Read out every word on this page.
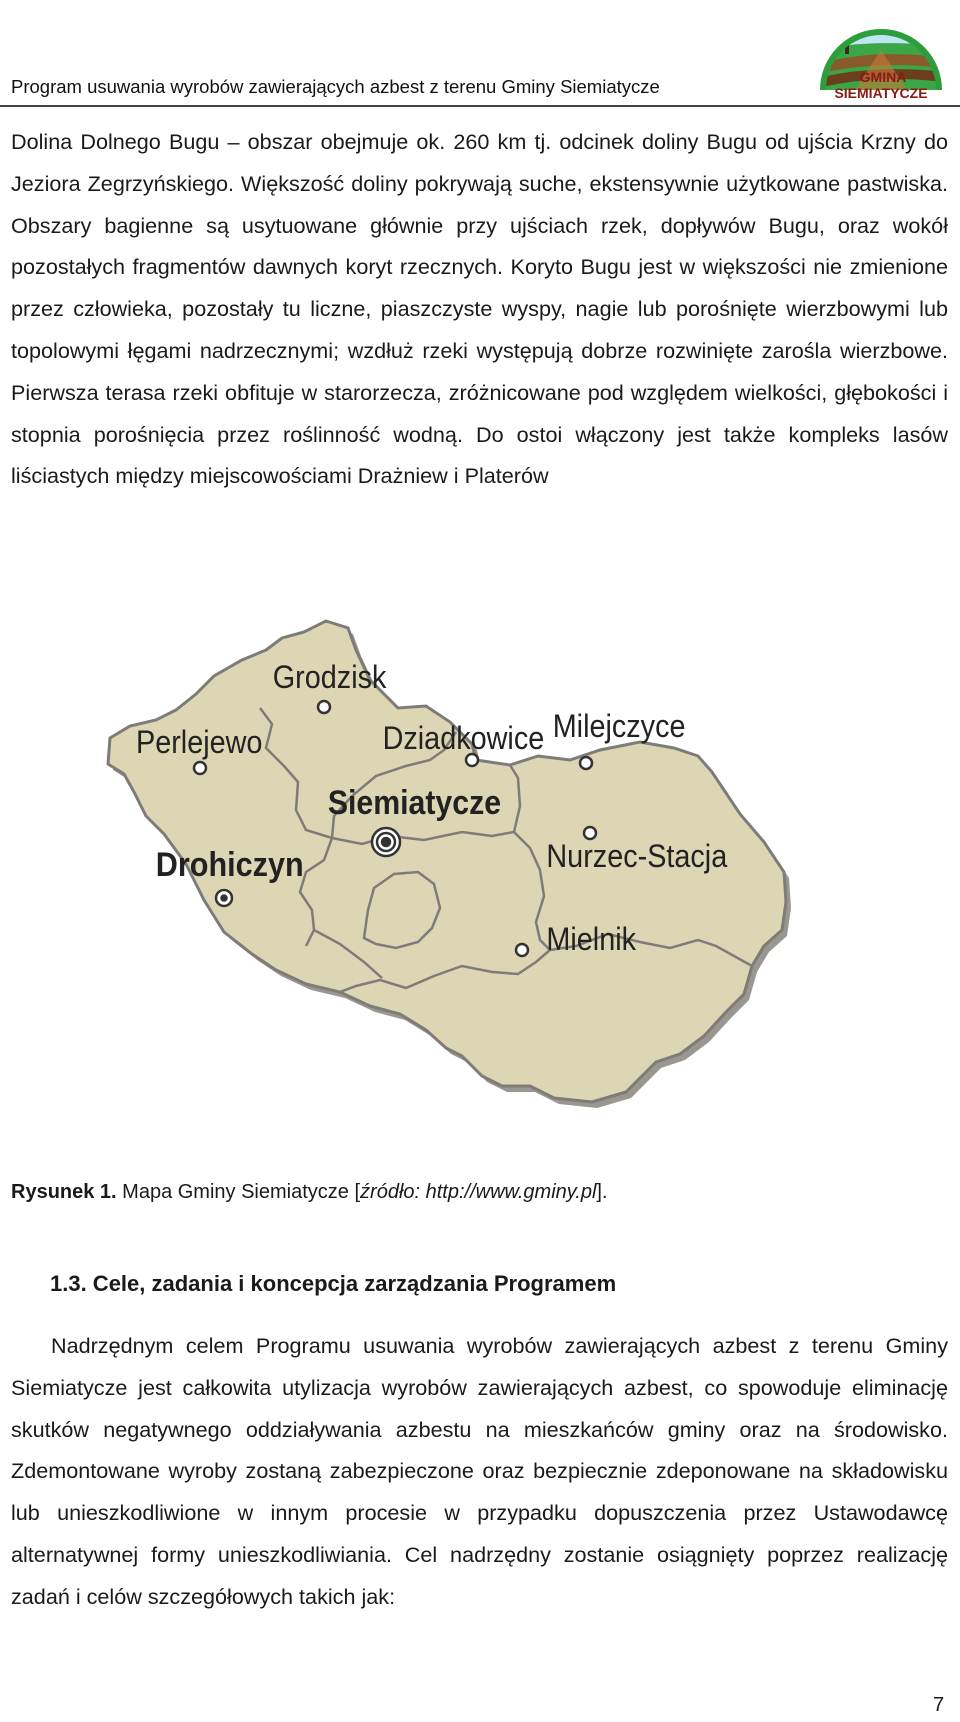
Program usuwania wyrobów zawierających azbest z terenu Gminy Siemiatycze	GMINA
SIEMIATYCZE

Dolina Dolnego Bugu – obszar obejmuje ok. 260 km tj. odcinek doliny Bugu od ujścia Krzny do Jeziora Zegrzyńskiego. Większość doliny pokrywają suche, ekstensywnie użytkowane pastwiska. Obszary bagienne są usytuowane głównie przy ujściach rzek, dopływów Bugu, oraz wokół pozostałych fragmentów dawnych koryt rzecznych. Koryto Bugu jest w większości nie zmienione przez człowieka, pozostały tu liczne, piaszczyste wyspy, nagie lub porośnięte wierzbowymi lub topolowymi łęgami nadrzecznymi; wzdłuż rzeki występują dobrze rozwinięte zarośla wierzbowe. Pierwsza terasa rzeki obfituje w starorzecza, zróżnicowane pod względem wielkości, głębokości i stopnia porośnięcia przez roślinność wodną. Do ostoi włączony jest także kompleks lasów liściastych między miejscowościami Drażniew i Platerów

Grodzisk
Perlejewo	Dziadkowice Milejczyce
Siemiatycze
Drohiczyn	Nurzec-Stacja
Mielnik
Rysunek 1. Mapa Gminy Siemiatycze [źródło: http://www.gminy.pl].
1.3. Cele, zadania i koncepcja zarządzania Programem

Nadrzędnym celem Programu usuwania wyrobów zawierających azbest z terenu Gminy Siemiatycze jest całkowita utylizacja wyrobów zawierających azbest, co spowoduje eliminację skutków negatywnego oddziaływania azbestu na mieszkańców gminy oraz na środowisko. Zdemontowane wyroby zostaną zabezpieczone oraz bezpiecznie zdeponowane na składowisku lub unieszkodliwione w innym procesie w przypadku dopuszczenia przez Ustawodawcę alternatywnej formy unieszkodliwiania. Cel nadrzędny zostanie osiągnięty poprzez realizację zadań i celów szczegółowych takich jak:

7
